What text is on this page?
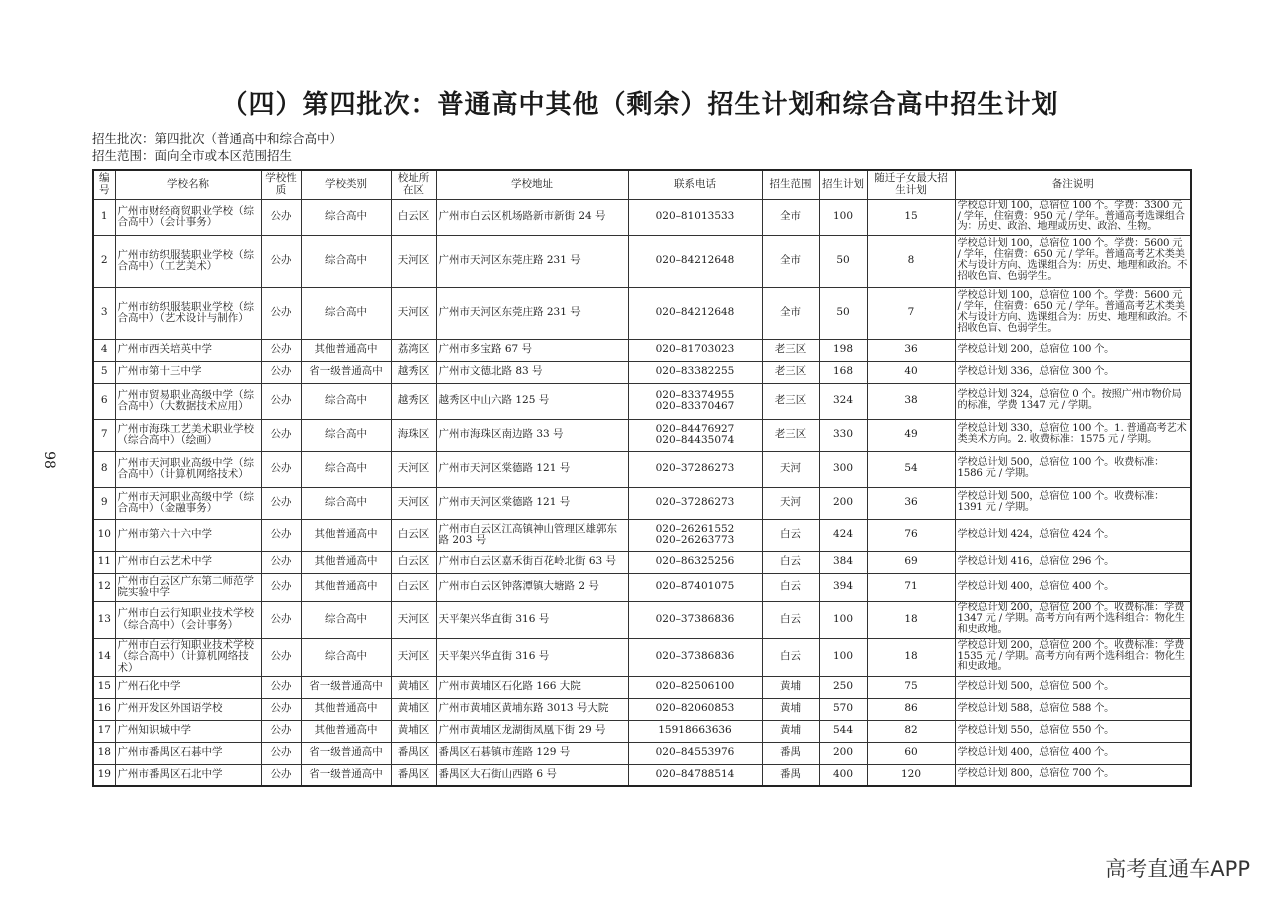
（四）第四批次：普通高中其他（剩余）招生计划和综合高中招生计划
招生批次：第四批次（普通高中和综合高中）
招生范围：面向全市或本区范围招生
98
编号	学校名称	学校性质	学校类别	校址所在区	学校地址	联系电话	招生范围	招生计划	随迁子女最大招生计划	备注说明
1	广州市财经商贸职业学校（综合高中）（会计事务）	公办	综合高中	白云区	广州市白云区机场路新市新街 24 号	020–81013533	全市	100	15	学校总计划 100，总宿位 100 个。学费：3300 元 / 学年，住宿费：950 元 / 学年。普通高考选课组合为：历史、政治、地理或历史、政治、生物。
2	广州市纺织服装职业学校（综合高中）（工艺美术）	公办	综合高中	天河区	广州市天河区东莞庄路 231 号	020–84212648	全市	50	8	学校总计划 100，总宿位 100 个。学费：5600 元 / 学年，住宿费：650 元 / 学年。普通高考艺术类美术与设计方向、选课组合为：历史、地理和政治。不招收色盲、色弱学生。
3	广州市纺织服装职业学校（综合高中）（艺术设计与制作）	公办	综合高中	天河区	广州市天河区东莞庄路 231 号	020–84212648	全市	50	7	学校总计划 100，总宿位 100 个。学费：5600 元 / 学年，住宿费：650 元 / 学年。普通高考艺术类美术与设计方向、选课组合为：历史、地理和政治。不招收色盲、色弱学生。
4	广州市西关培英中学	公办	其他普通高中	荔湾区	广州市多宝路 67 号	020–81703023	老三区	198	36	学校总计划 200，总宿位 100 个。
5	广州市第十三中学	公办	省一级普通高中	越秀区	广州市文德北路 83 号	020–83382255	老三区	168	40	学校总计划 336，总宿位 300 个。
6	广州市贸易职业高级中学（综合高中）（大数据技术应用）	公办	综合高中	越秀区	越秀区中山六路 125 号	020–83374955
020–83370467	老三区	324	38	学校总计划 324，总宿位 0 个。按照广州市物价局的标准，学费 1347 元 / 学期。
7	广州市海珠工艺美术职业学校（综合高中）（绘画）	公办	综合高中	海珠区	广州市海珠区南边路 33 号	020–84476927
020–84435074	老三区	330	49	学校总计划 330，总宿位 100 个。1. 普通高考艺术类美术方向。2. 收费标准：1575 元 / 学期。
8	广州市天河职业高级中学（综合高中）（计算机网络技术）	公办	综合高中	天河区	广州市天河区棠德路 121 号	020–37286273	天河	300	54	学校总计划 500，总宿位 100 个。收费标准：1586 元 / 学期。
9	广州市天河职业高级中学（综合高中）（金融事务）	公办	综合高中	天河区	广州市天河区棠德路 121 号	020–37286273	天河	200	36	学校总计划 500，总宿位 100 个。收费标准：1391 元 / 学期。
10	广州市第六十六中学	公办	其他普通高中	白云区	广州市白云区江高镇神山管理区雄郭东路 203 号	020–26261552
020–26263773	白云	424	76	学校总计划 424，总宿位 424 个。
11	广州市白云艺术中学	公办	其他普通高中	白云区	广州市白云区嘉禾街百花岭北街 63 号	020–86325256	白云	384	69	学校总计划 416，总宿位 296 个。
12	广州市白云区广东第二师范学院实验中学	公办	其他普通高中	白云区	广州市白云区钟落潭镇大塘路 2 号	020–87401075	白云	394	71	学校总计划 400，总宿位 400 个。
13	广州市白云行知职业技术学校（综合高中）（会计事务）	公办	综合高中	天河区	天平架兴华直街 316 号	020–37386836	白云	100	18	学校总计划 200，总宿位 200 个。收费标准：学费 1347 元 / 学期。高考方向有两个选科组合：物化生和史政地。
14	广州市白云行知职业技术学校（综合高中）（计算机网络技术）	公办	综合高中	天河区	天平架兴华直街 316 号	020–37386836	白云	100	18	学校总计划 200，总宿位 200 个。收费标准：学费 1535 元 / 学期。高考方向有两个选科组合：物化生和史政地。
15	广州石化中学	公办	省一级普通高中	黄埔区	广州市黄埔区石化路 166 大院	020–82506100	黄埔	250	75	学校总计划 500，总宿位 500 个。
16	广州开发区外国语学校	公办	其他普通高中	黄埔区	广州市黄埔区黄埔东路 3013 号大院	020–82060853	黄埔	570	86	学校总计划 588，总宿位 588 个。
17	广州知识城中学	公办	其他普通高中	黄埔区	广州市黄埔区龙湖街凤凰下街 29 号	15918663636	黄埔	544	82	学校总计划 550，总宿位 550 个。
18	广州市番禺区石碁中学	公办	省一级普通高中	番禺区	番禺区石碁镇市莲路 129 号	020–84553976	番禺	200	60	学校总计划 400，总宿位 400 个。
19	广州市番禺区石北中学	公办	省一级普通高中	番禺区	番禺区大石街山西路 6 号	020–84788514	番禺	400	120	学校总计划 800，总宿位 700 个。
高考直通车APP
